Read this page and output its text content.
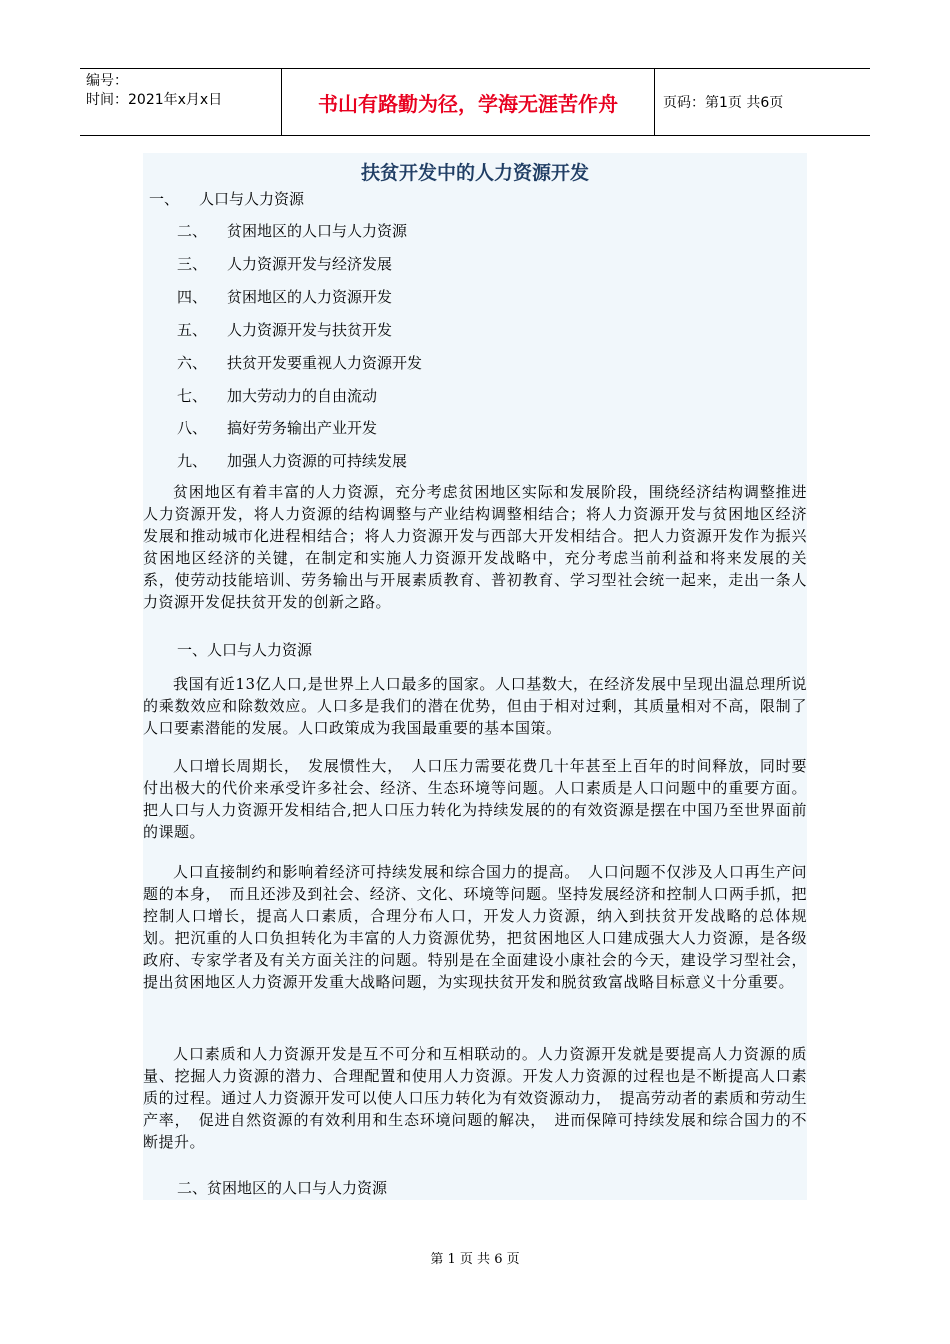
编号：
时间：2021年x月x日	书山有路勤为径，学海无涯苦作舟	页码：第1页 共6页
扶贫开发中的人力资源开发
一、 人口与人力资源
二、 贫困地区的人口与人力资源
三、 人力资源开发与经济发展
四、 贫困地区的人力资源开发
五、 人力资源开发与扶贫开发
六、 扶贫开发要重视人力资源开发
七、 加大劳动力的自由流动
八、 搞好劳务输出产业开发
九、 加强人力资源的可持续发展

贫困地区有着丰富的人力资源，充分考虑贫困地区实际和发展阶段，围绕经济结构调整推进人力资源开发，将人力资源的结构调整与产业结构调整相结合；将人力资源开发与贫困地区经济发展和推动城市化进程相结合；将人力资源开发与西部大开发相结合。把人力资源开发作为振兴贫困地区经济的关键，在制定和实施人力资源开发战略中，充分考虑当前利益和将来发展的关系，使劳动技能培训、劳务输出与开展素质教育、普初教育、学习型社会统一起来，走出一条人力资源开发促扶贫开发的创新之路。

一、人口与人力资源

我国有近13亿人口,是世界上人口最多的国家。人口基数大，在经济发展中呈现出温总理所说的乘数效应和除数效应。人口多是我们的潜在优势，但由于相对过剩，其质量相对不高，限制了人口要素潜能的发展。人口政策成为我国最重要的基本国策。

人口增长周期长，　发展惯性大，　人口压力需要花费几十年甚至上百年的时间释放，同时要付出极大的代价来承受许多社会、经济、生态环境等问题。人口素质是人口问题中的重要方面。把人口与人力资源开发相结合,把人口压力转化为持续发展的的有效资源是摆在中国乃至世界面前的课题。

人口直接制约和影响着经济可持续发展和综合国力的提高。　人口问题不仅涉及人口再生产问题的本身，　而且还涉及到社会、经济、文化、环境等问题。坚持发展经济和控制人口两手抓，把控制人口增长，提高人口素质，合理分布人口，开发人力资源，纳入到扶贫开发战略的总体规划。把沉重的人口负担转化为丰富的人力资源优势，把贫困地区人口建成强大人力资源，是各级政府、专家学者及有关方面关注的问题。特别是在全面建设小康社会的今天，建设学习型社会，提出贫困地区人力资源开发重大战略问题，为实现扶贫开发和脱贫致富战略目标意义十分重要。

人口素质和人力资源开发是互不可分和互相联动的。人力资源开发就是要提高人力资源的质量、挖掘人力资源的潜力、合理配置和使用人力资源。开发人力资源的过程也是不断提高人口素质的过程。通过人力资源开发可以使人口压力转化为有效资源动力，　提高劳动者的素质和劳动生产率，　促进自然资源的有效利用和生态环境问题的解决，　进而保障可持续发展和综合国力的不断提升。

二、贫困地区的人口与人力资源
第 1 页 共 6 页
